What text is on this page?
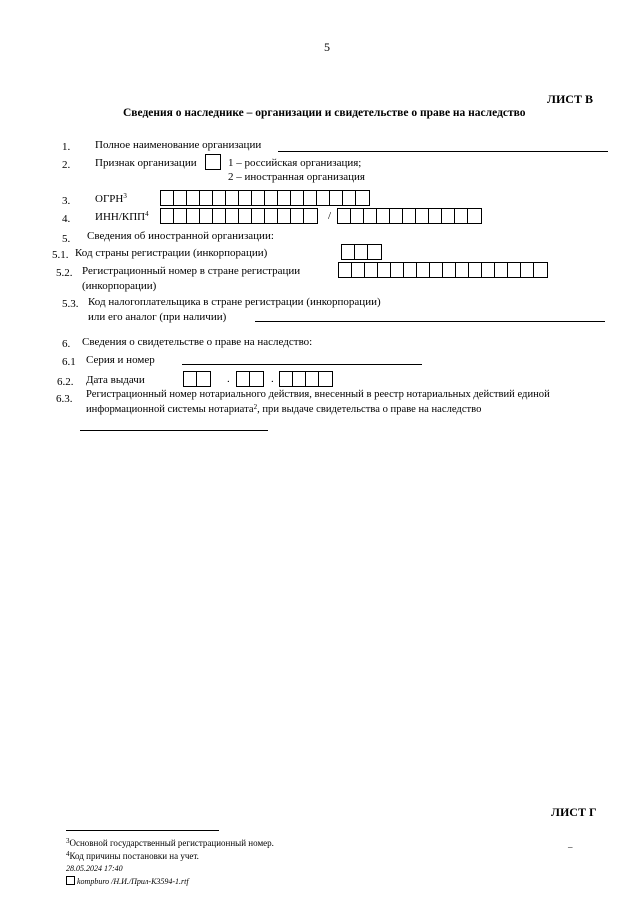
5
ЛИСТ В
Сведения о наследнике – организации и свидетельстве о праве на наследство
1. Полное наименование организации
2. Признак организации	1 – российская организация;
2 – иностранная организация
3. ОГРН$^3$
4. ИНН/КПП$^4$	/
5. Сведения об иностранной организации:
5.1. Код страны регистрации (инкорпорации)
5.2. Регистрационный номер в стране регистрации
(инкорпорации)
5.3. Код налогоплательщика в стране регистрации (инкорпорации)
или его аналог (при наличии)
6. Сведения о свидетельстве о праве на наследство:
6.1 Серия и номер
6.2. Дата выдачи	.	.
6.3. Регистрационный номер нотариального действия, внесенный в реестр нотариальных действий единой
информационной системы нотариата$^2$, при выдаче свидетельства о праве на наследство
ЛИСТ Г
$^3$Основной государственный регистрационный номер.
$^4$Код причины постановки на учет.
28.05.2024 17:40
kompburo /Н.И./Прил-К3594-1.rtf
–
